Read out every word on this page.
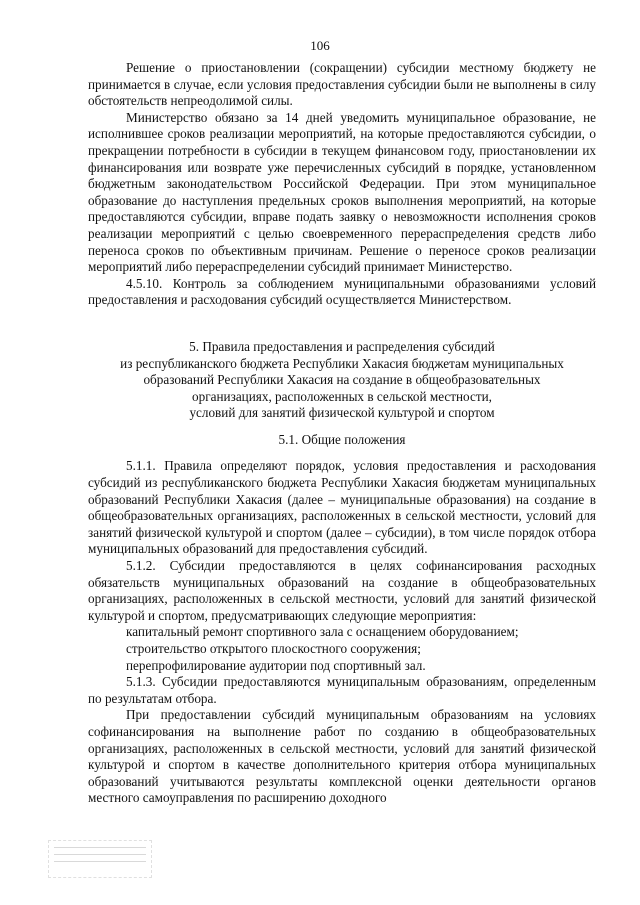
106

Решение о приостановлении (сокращении) субсидии местному бюджету не принимается в случае, если условия предоставления субсидии были не выполнены в силу обстоятельств непреодолимой силы.

Министерство обязано за 14 дней уведомить муниципальное образование, не исполнившее сроков реализации мероприятий, на которые предоставляются субсидии, о прекращении потребности в субсидии в текущем финансовом году, приостановлении их финансирования или возврате уже перечисленных субсидий в порядке, установленном бюджетным законодательством Российской Федерации. При этом муниципальное образование до наступления предельных сроков выполнения мероприятий, на которые предоставляются субсидии, вправе подать заявку о невозможности исполнения сроков реализации мероприятий с целью своевременного перераспределения средств либо переноса сроков по объективным причинам. Решение о переносе сроков реализации мероприятий либо перераспределении субсидий принимает Министерство.

4.5.10. Контроль за соблюдением муниципальными образованиями условий предоставления и расходования субсидий осуществляется Министерством.

5. Правила предоставления и распределения субсидий

из республиканского бюджета Республики Хакасия бюджетам муниципальных

образований Республики Хакасия на создание в общеобразовательных

организациях, расположенных в сельской местности,

условий для занятий физической культурой и спортом

5.1. Общие положения

5.1.1. Правила определяют порядок, условия предоставления и расходования субсидий из республиканского бюджета Республики Хакасия бюджетам муниципальных образований Республики Хакасия (далее – муниципальные образования) на создание в общеобразовательных организациях, расположенных в сельской местности, условий для занятий физической культурой и спортом (далее – субсидии), в том числе порядок отбора муниципальных образований для предоставления субсидий.

5.1.2. Субсидии предоставляются в целях софинансирования расходных обязательств муниципальных образований на создание в общеобразовательных организациях, расположенных в сельской местности, условий для занятий физической культурой и спортом, предусматривающих следующие мероприятия:

капитальный ремонт спортивного зала с оснащением оборудованием;

строительство открытого плоскостного сооружения;

перепрофилирование аудитории под спортивный зал.

5.1.3. Субсидии предоставляются муниципальным образованиям, определенным по результатам отбора.

При предоставлении субсидий муниципальным образованиям на условиях софинансирования на выполнение работ по созданию в общеобразовательных организациях, расположенных в сельской местности, условий для занятий физической культурой и спортом в качестве дополнительного критерия отбора муниципальных образований учитываются результаты комплексной оценки деятельности органов местного самоуправления по расширению доходного
